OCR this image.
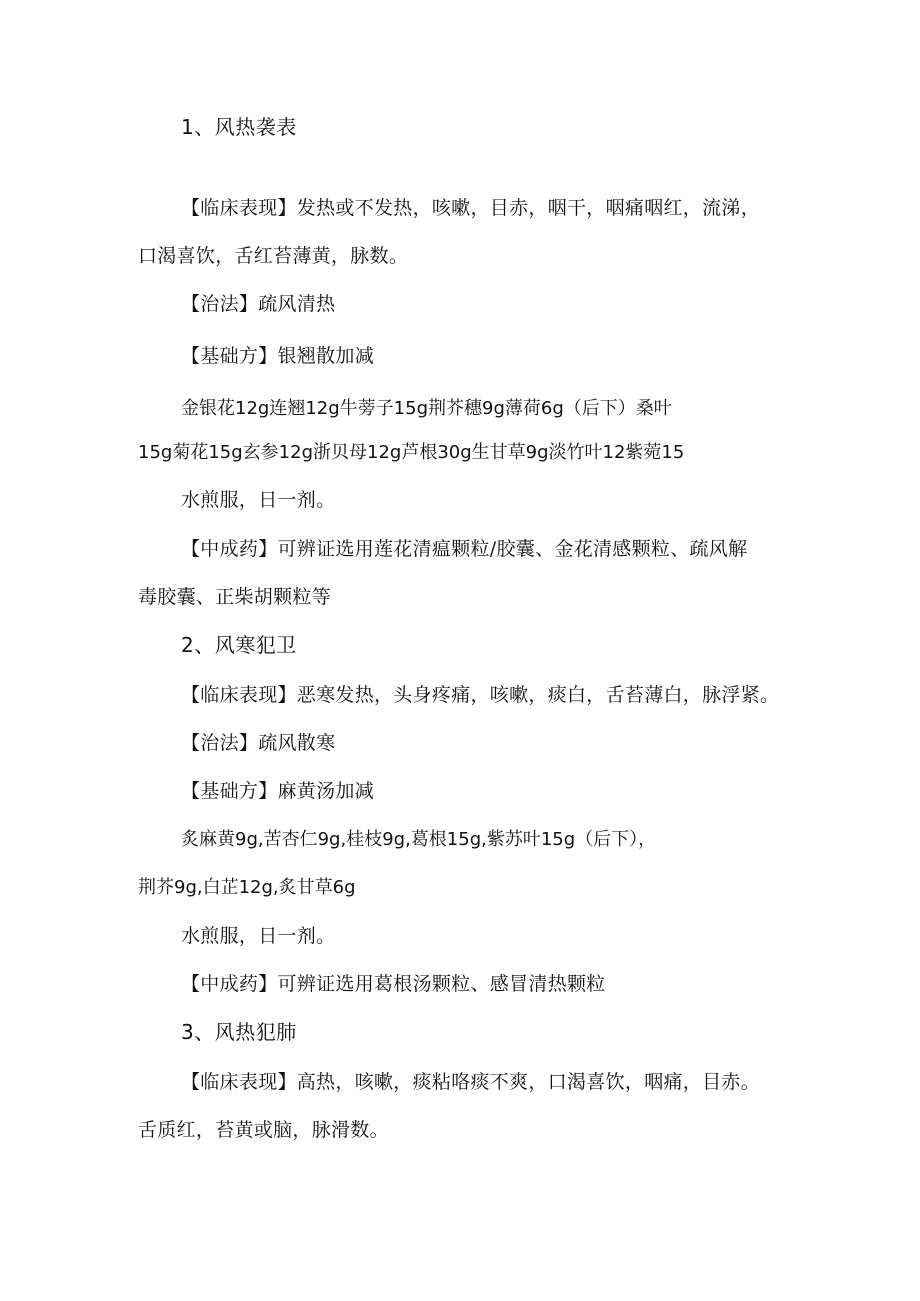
1、风热袭表
【临床表现】发热或不发热，咳嗽，目赤，咽干，咽痛咽红，流涕，
口渴喜饮，舌红苔薄黄，脉数。
【治法】疏风清热
【基础方】银翘散加减
金银花12g连翘12g牛蒡子15g荆芥穗9g薄荷6g（后下）桑叶
15g菊花15g玄参12g浙贝母12g芦根30g生甘草9g淡竹叶12紫菀15
水煎服，日一剂。
【中成药】可辨证选用莲花清瘟颗粒/胶囊、金花清感颗粒、疏风解
毒胶囊、正柴胡颗粒等
2、风寒犯卫
【临床表现】恶寒发热，头身疼痛，咳嗽，痰白，舌苔薄白，脉浮紧。
【治法】疏风散寒
【基础方】麻黄汤加减
炙麻黄9g,苦杏仁9g,桂枝9g,葛根15g,紫苏叶15g（后下），
荆芥9g,白芷12g,炙甘草6g
水煎服，日一剂。
【中成药】可辨证选用葛根汤颗粒、感冒清热颗粒
3、风热犯肺
【临床表现】高热，咳嗽，痰粘咯痰不爽，口渴喜饮，咽痛，目赤。
舌质红，苔黄或脑，脉滑数。
